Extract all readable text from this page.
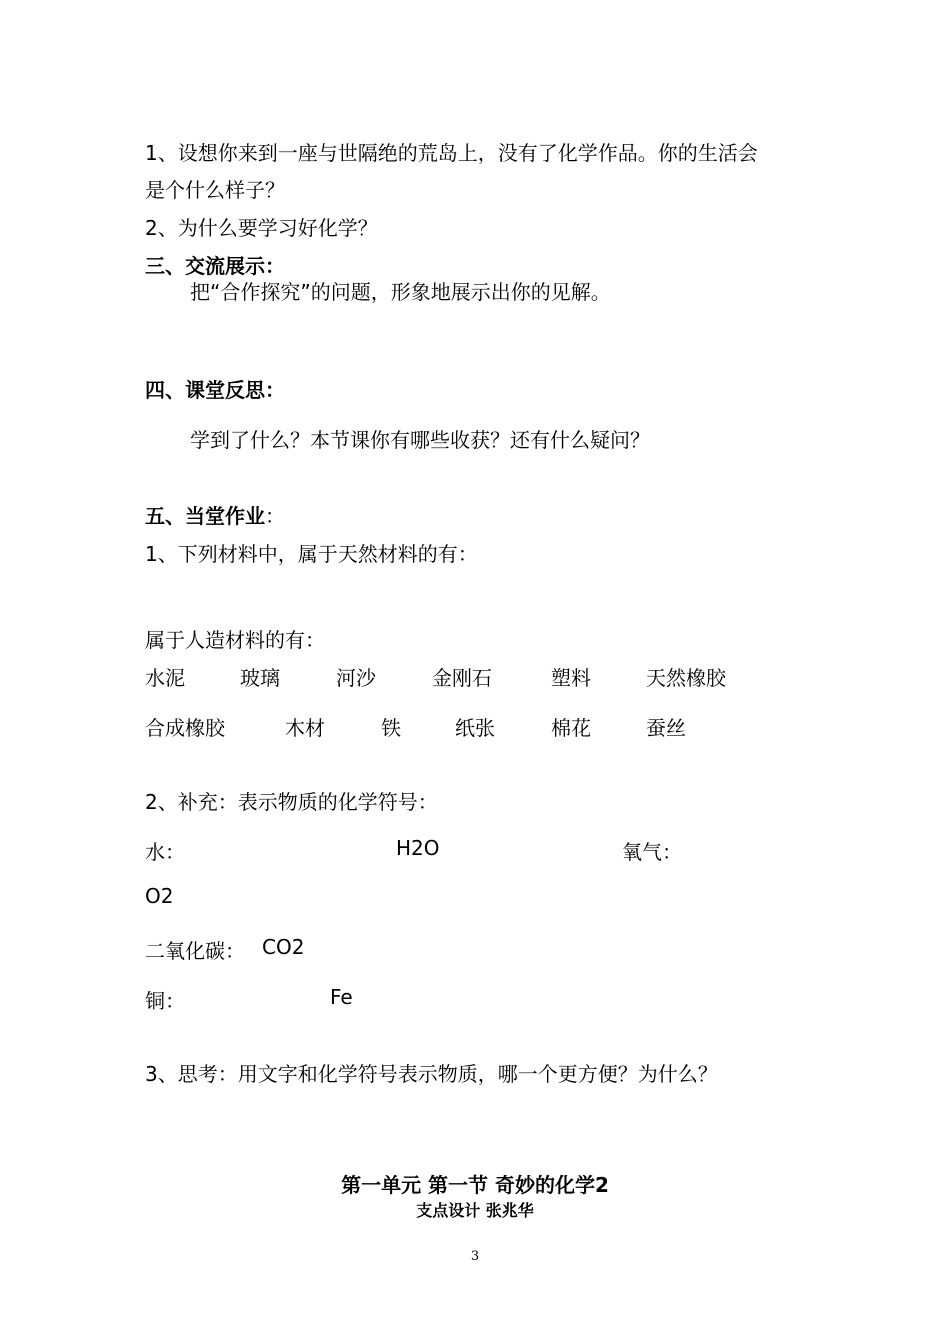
1、设想你来到一座与世隔绝的荒岛上，没有了化学作品。你的生活会
是个什么样子？
2、为什么要学习好化学？
三、交流展示：
把“合作探究”的问题，形象地展示出你的见解。
四、课堂反思：
学到了什么？本节课你有哪些收获？还有什么疑问？
五、当堂作业：
1、下列材料中，属于天然材料的有：
属于人造材料的有：
水泥	玻璃	河沙	金刚石	塑料	天然橡胶
合成橡胶	木材	铁	纸张	棉花	蚕丝
2、补充：表示物质的化学符号：
水：	H2O	氧气：
O2
二氧化碳： CO2
铜：	Fe
3、思考：用文字和化学符号表示物质，哪一个更方便？为什么？
第一单元 第一节 奇妙的化学2
支点设计 张兆华
3
